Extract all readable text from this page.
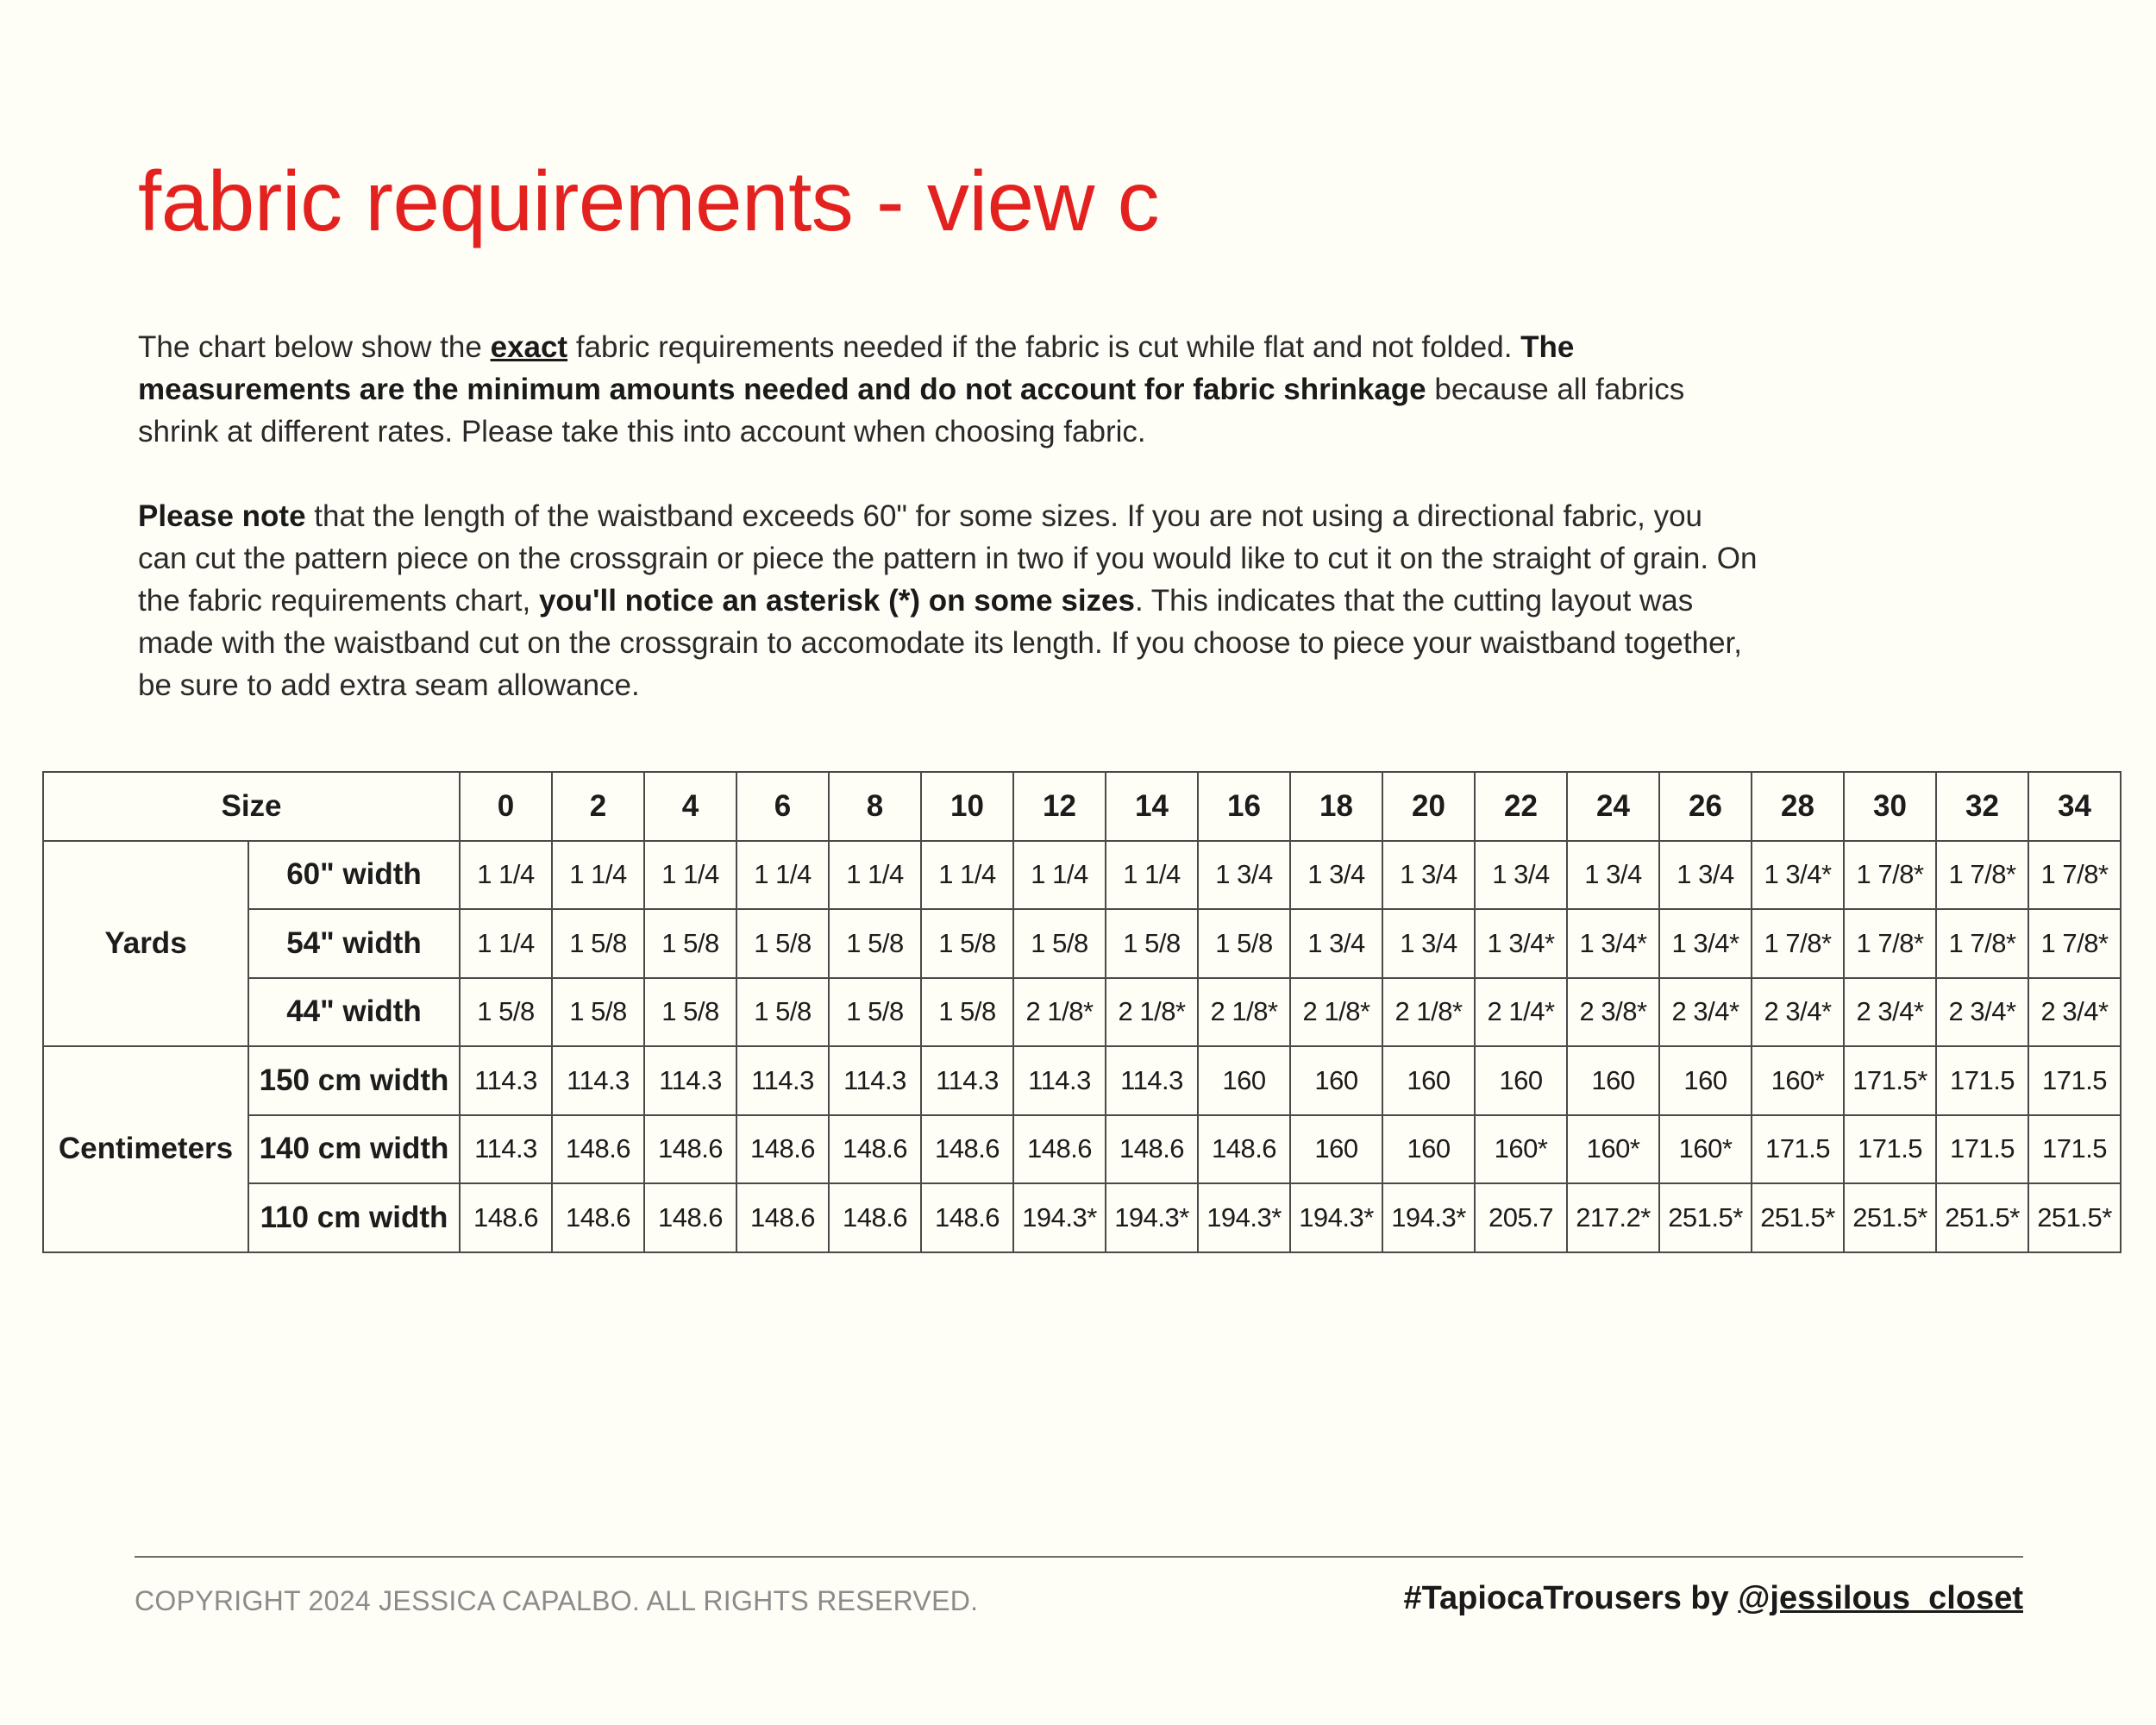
fabric requirements - view c

The chart below show the exact fabric requirements needed if the fabric is cut while flat and not folded. The measurements are the minimum amounts needed and do not account for fabric shrinkage because all fabrics shrink at different rates. Please take this into account when choosing fabric.

Please note that the length of the waistband exceeds 60" for some sizes. If you are not using a directional fabric, you can cut the pattern piece on the crossgrain or piece the pattern in two if you would like to cut it on the straight of grain. On the fabric requirements chart, you'll notice an asterisk (*) on some sizes. This indicates that the cutting layout was made with the waistband cut on the crossgrain to accomodate its length. If you choose to piece your waistband together, be sure to add extra seam allowance.

Size		0	2	4	6	8	10	12	14	16	18	20	22	24	26	28	30	32	34
Yards	60" width	1 1/4	1 1/4	1 1/4	1 1/4	1 1/4	1 1/4	1 1/4	1 1/4	1 3/4	1 3/4	1 3/4	1 3/4	1 3/4	1 3/4	1 3/4*	1 7/8*	1 7/8*	1 7/8*
	54" width	1 1/4	1 5/8	1 5/8	1 5/8	1 5/8	1 5/8	1 5/8	1 5/8	1 5/8	1 3/4	1 3/4	1 3/4*	1 3/4*	1 3/4*	1 7/8*	1 7/8*	1 7/8*	1 7/8*
	44" width	1 5/8	1 5/8	1 5/8	1 5/8	1 5/8	1 5/8	2 1/8*	2 1/8*	2 1/8*	2 1/8*	2 1/8*	2 1/4*	2 3/8*	2 3/4*	2 3/4*	2 3/4*	2 3/4*	2 3/4*
Centimeters	150 cm width	114.3	114.3	114.3	114.3	114.3	114.3	114.3	114.3	160	160	160	160	160	160	160*	171.5*	171.5	171.5
	140 cm width	114.3	148.6	148.6	148.6	148.6	148.6	148.6	148.6	148.6	160	160	160*	160*	160*	171.5	171.5	171.5	171.5
	110 cm width	148.6	148.6	148.6	148.6	148.6	148.6	194.3*	194.3*	194.3*	194.3*	194.3*	205.7	217.2*	251.5*	251.5*	251.5*	251.5*	251.5*
COPYRIGHT 2024 JESSICA CAPALBO. ALL RIGHTS RESERVED.	#TapiocaTrousers by @jessilous_closet
